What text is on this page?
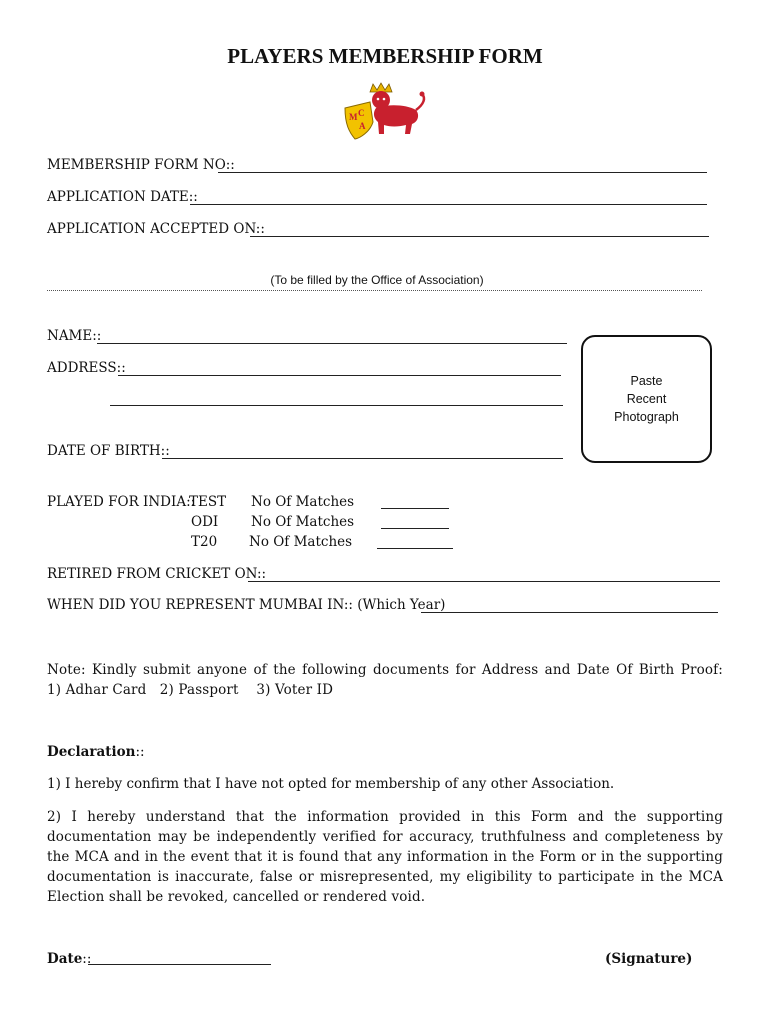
PLAYERS MEMBERSHIP FORM
M C
A
MEMBERSHIP FORM NO::
APPLICATION DATE::
APPLICATION ACCEPTED ON::
(To be filled by the Office of Association)
NAME::
ADDRESS::
DATE OF BIRTH::
Paste
Recent
Photograph
PLAYED FOR INDIA::
TEST No Of Matches
ODI No Of Matches
T20 No Of Matches
RETIRED FROM CRICKET ON::
WHEN DID YOU REPRESENT MUMBAI IN:: (Which Year)
Note: Kindly submit anyone of the following documents for Address and Date Of Birth Proof:
1) Adhar Card   2) Passport    3) Voter ID
Declaration::
1) I hereby confirm that I have not opted for membership of any other Association.
2) I hereby understand that the information provided in this Form and the supporting documentation may be independently verified for accuracy, truthfulness and completeness by the MCA and in the event that it is found that any information in the Form or in the supporting documentation is inaccurate, false or misrepresented, my eligibility to participate in the MCA Election shall be revoked, cancelled or rendered void.
Date::	(Signature)
